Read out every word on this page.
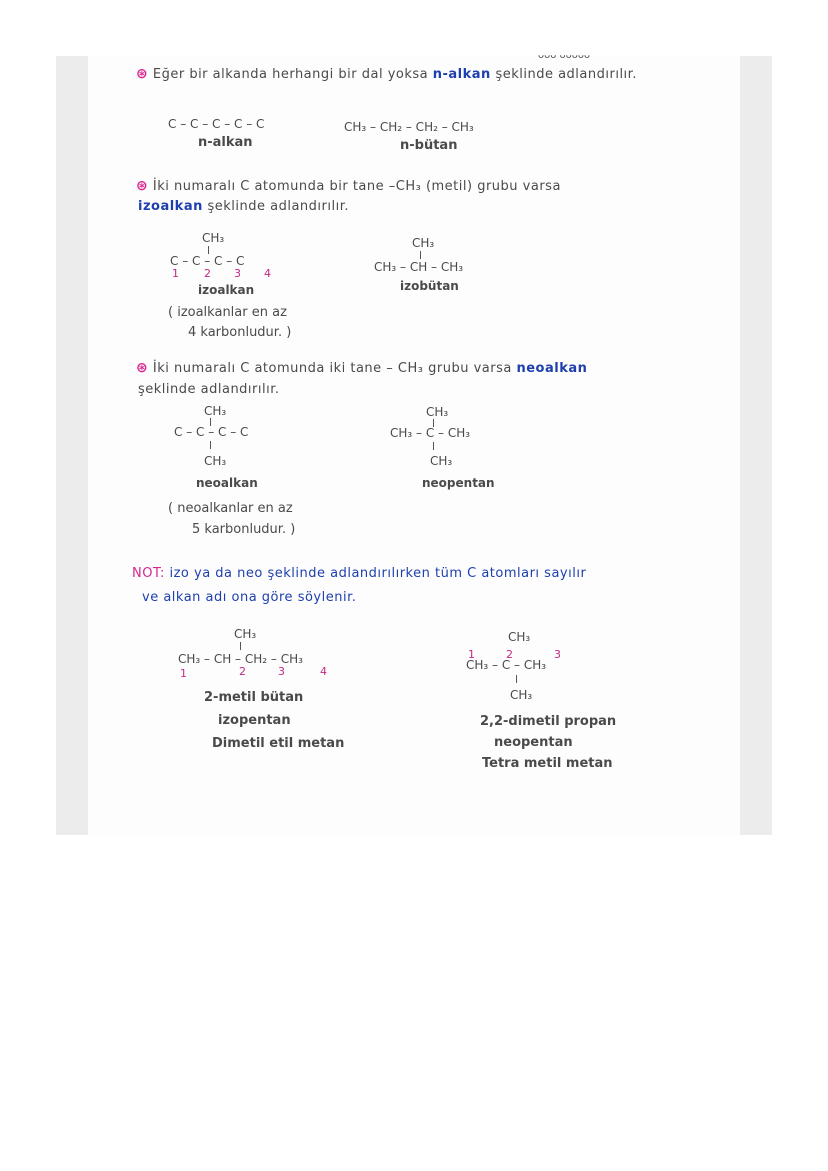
ᴗᴗᴗ ᴗᴗᴗᴗᴗ
⊛ Eğer bir alkanda herhangi bir dal yoksa n-alkan şeklinde adlandırılır.
C – C – C – C – C
n-alkan
CH₃ – CH₂ – CH₂ – CH₃
n-bütan
⊛ İki numaralı C atomunda bir tane –CH₃ (metil) grubu varsa
izoalkan şeklinde adlandırılır.
CH₃
C – C – C – C
1 2 3 4
izoalkan
( izoalkanlar en az
4 karbonludur. )
CH₃
CH₃ – CH – CH₃
izobütan
⊛ İki numaralı C atomunda iki tane – CH₃ grubu varsa neoalkan
şeklinde adlandırılır.
CH₃
C – C – C – C
CH₃
neoalkan
( neoalkanlar en az
5 karbonludur. )
CH₃
CH₃ – C – CH₃
CH₃
neopentan
NOT: izo ya da neo şeklinde adlandırılırken tüm C atomları sayılır
ve alkan adı ona göre söylenir.
CH₃
CH₃ – CH – CH₂ – CH₃
1	2	3	4
2-metil bütan
izopentan
Dimetil etil metan
CH₃
1	2	3
CH₃ – C – CH₃
CH₃
2,2-dimetil propan
neopentan
Tetra metil metan
